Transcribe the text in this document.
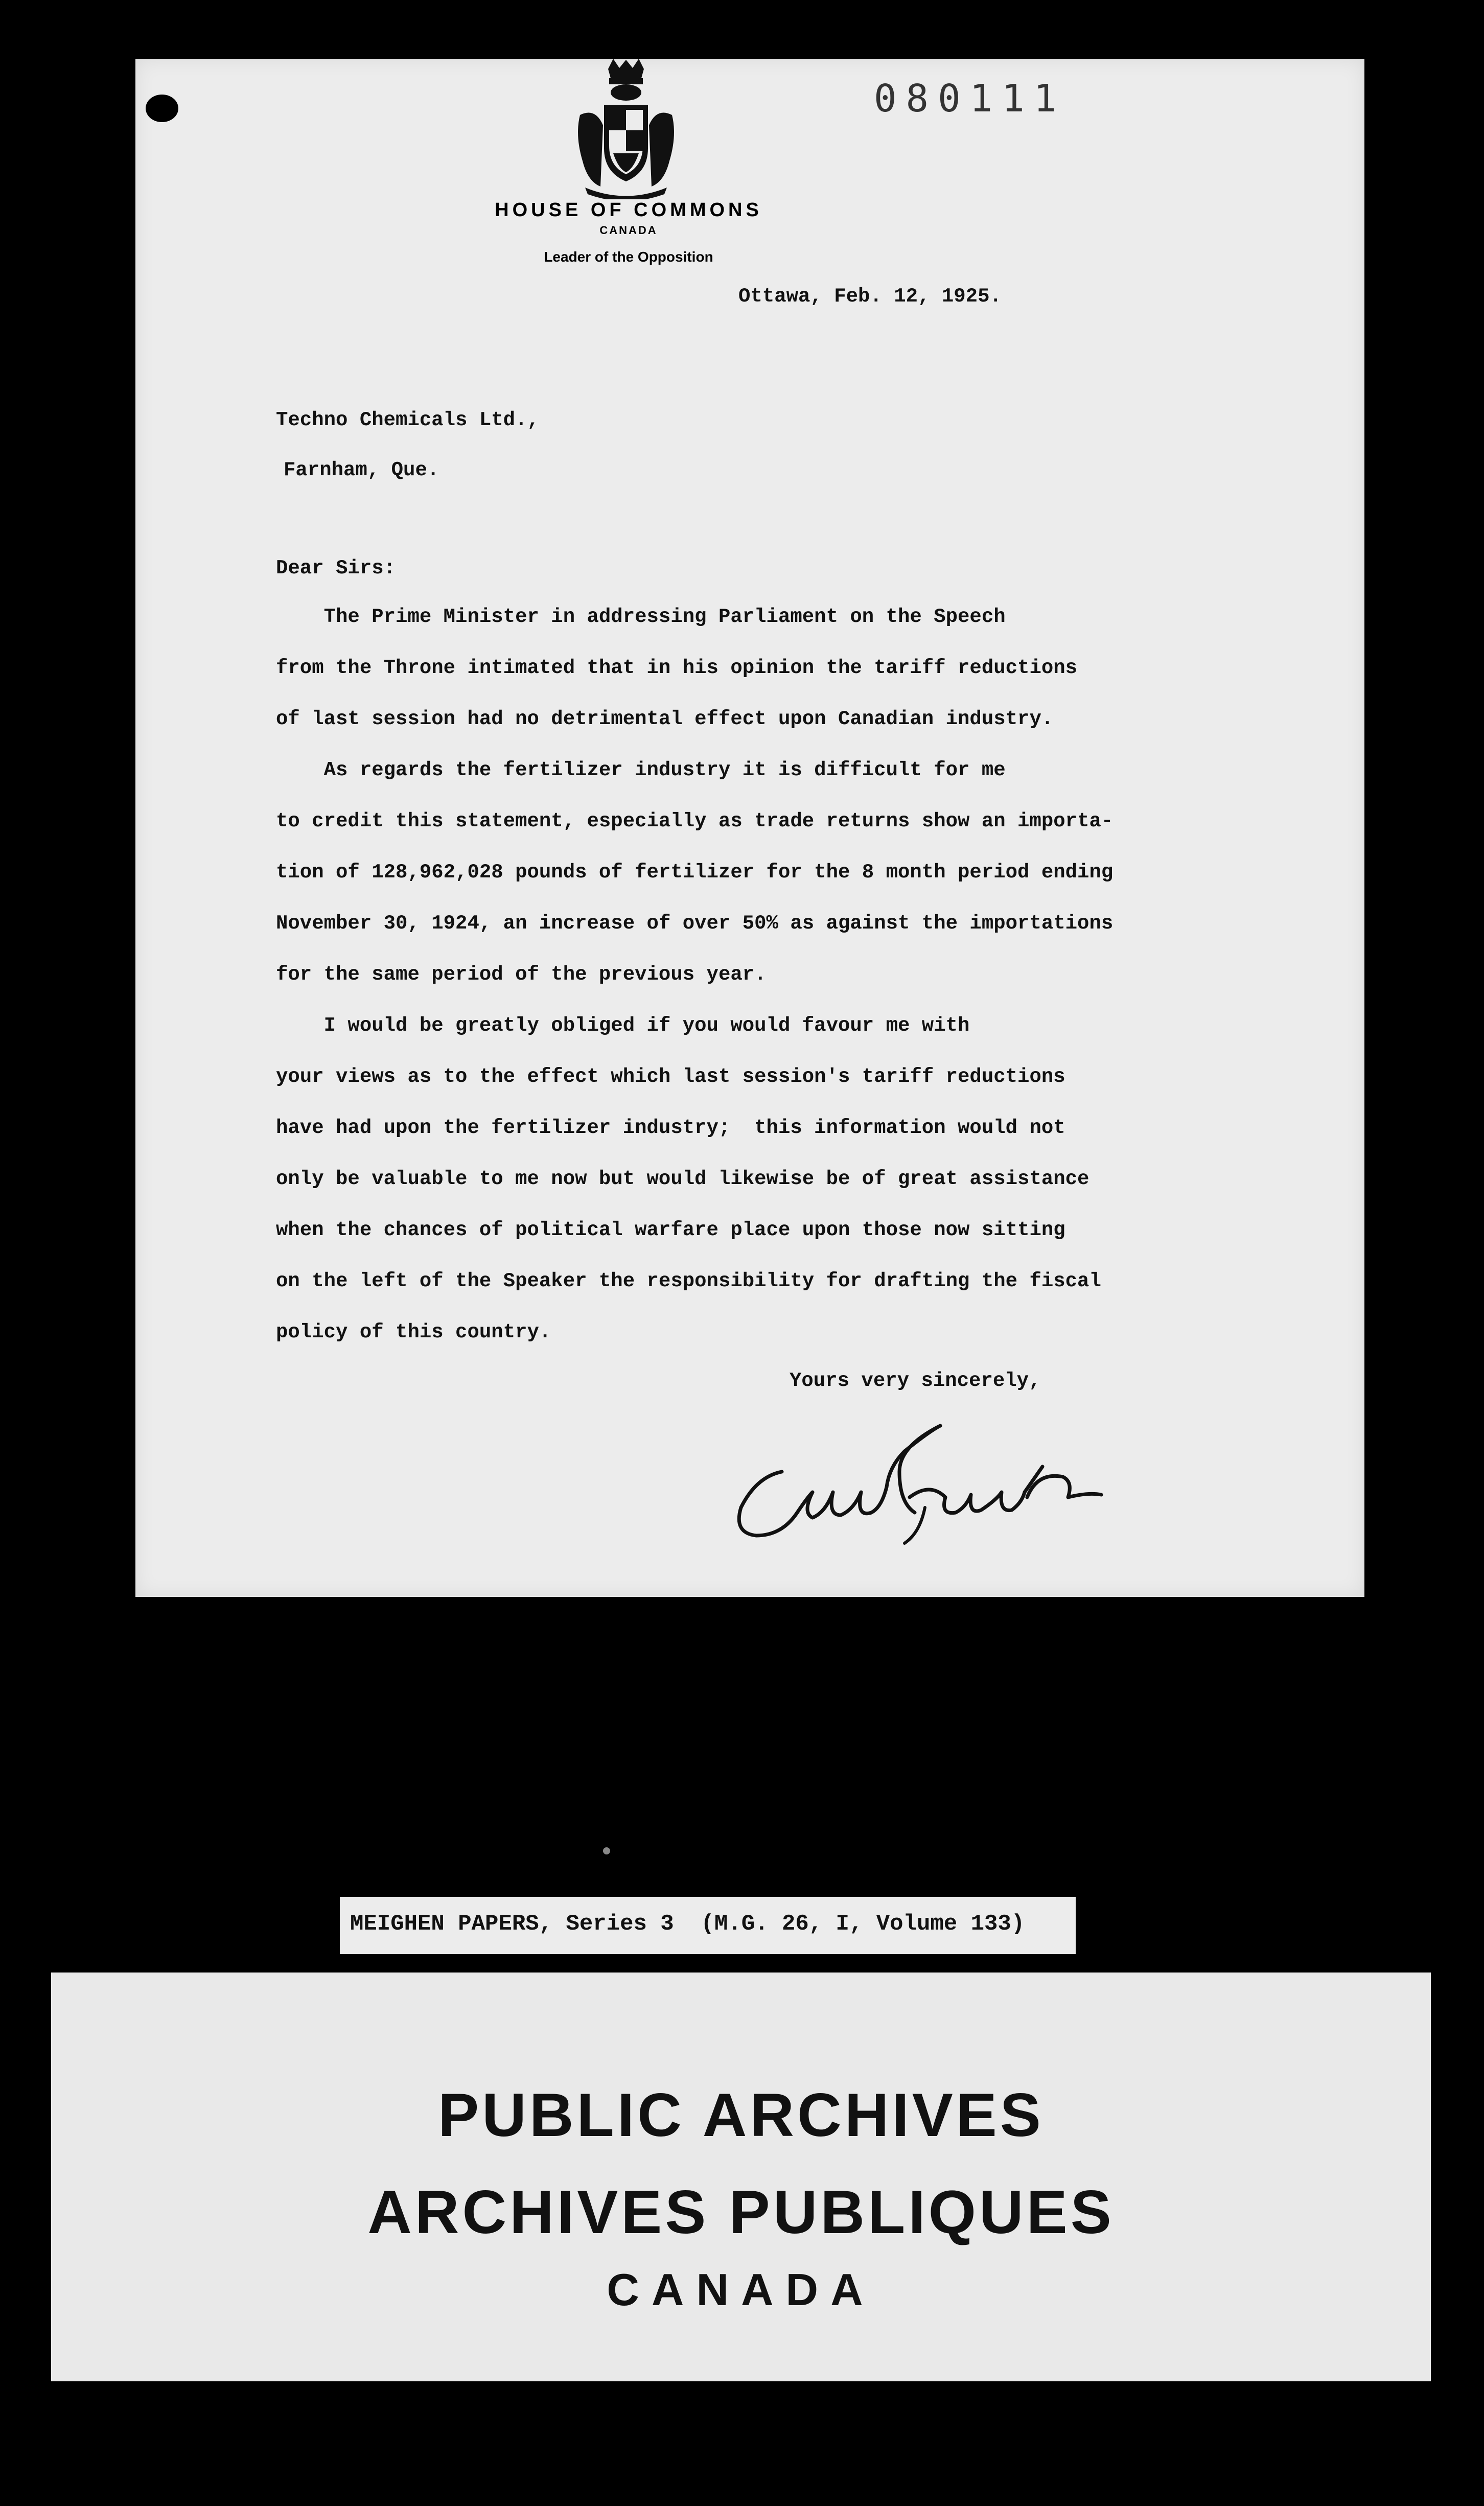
080111
HOUSE OF COMMONS
CANADA
Leader of the Opposition
Ottawa, Feb. 12, 1925.
Techno Chemicals Ltd.,
Farnham, Que.
Dear Sirs:
The Prime Minister in addressing Parliament on the Speech
from the Throne intimated that in his opinion the tariff reductions
of last session had no detrimental effect upon Canadian industry.
As regards the fertilizer industry it is difficult for me
to credit this statement, especially as trade returns show an importa-
tion of 128,962,028 pounds of fertilizer for the 8 month period ending
November 30, 1924, an increase of over 50% as against the importations
for the same period of the previous year.
I would be greatly obliged if you would favour me with
your views as to the effect which last session's tariff reductions
have had upon the fertilizer industry;  this information would not
only be valuable to me now but would likewise be of great assistance
when the chances of political warfare place upon those now sitting
on the left of the Speaker the responsibility for drafting the fiscal
policy of this country.
Yours very sincerely,
MEIGHEN PAPERS, Series 3  (M.G. 26, I, Volume 133)
PUBLIC ARCHIVES
ARCHIVES PUBLIQUES
CANADA
